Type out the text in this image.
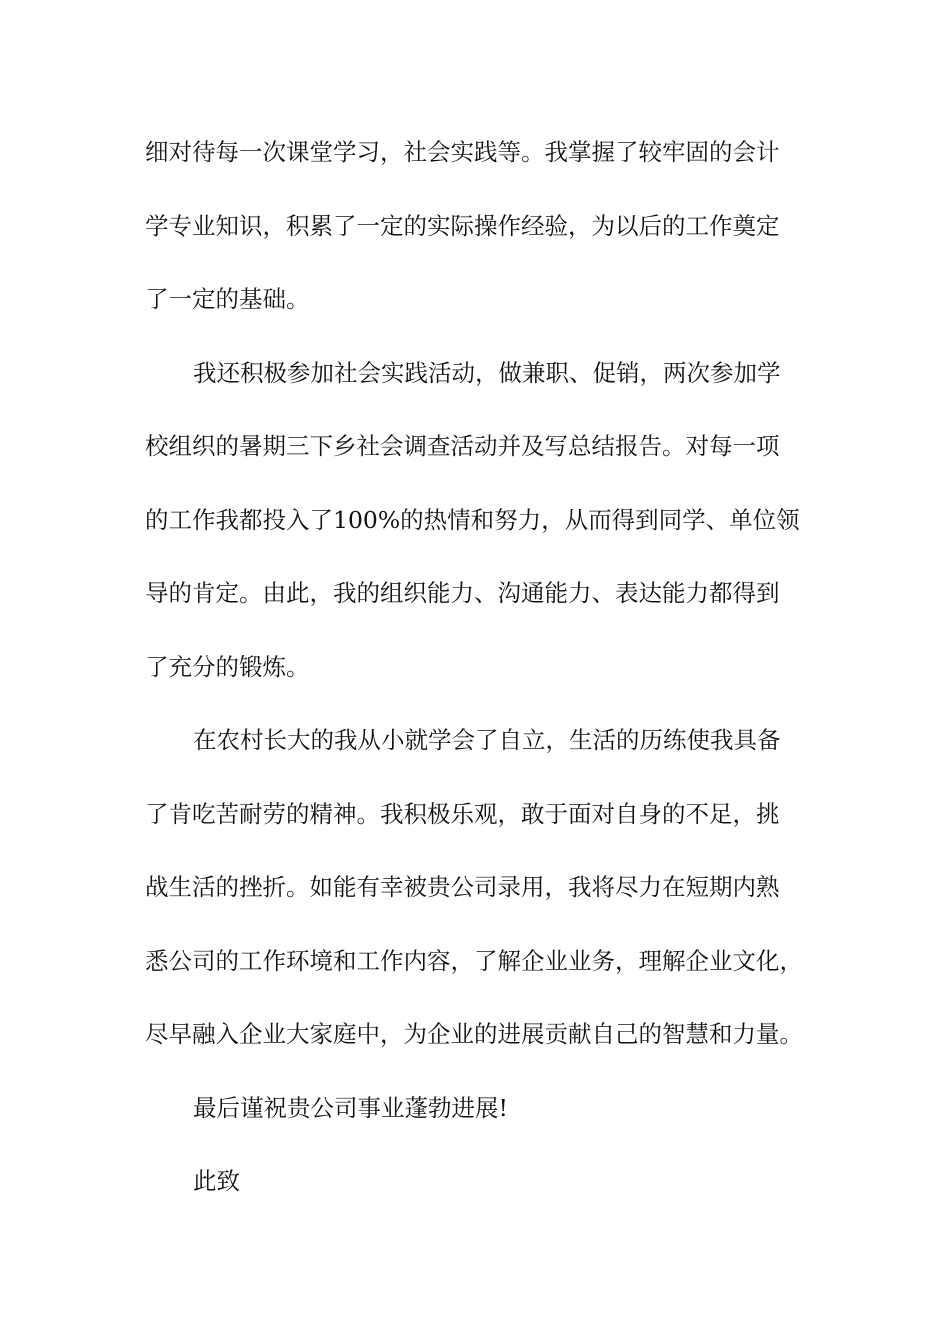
细对待每一次课堂学习，社会实践等。我掌握了较牢固的会计
学专业知识，积累了一定的实际操作经验，为以后的工作奠定
了一定的基础。
我还积极参加社会实践活动，做兼职、促销，两次参加学
校组织的暑期三下乡社会调查活动并及写总结报告。对每一项
的工作我都投入了100%的热情和努力，从而得到同学、单位领
导的肯定。由此，我的组织能力、沟通能力、表达能力都得到
了充分的锻炼。
在农村长大的我从小就学会了自立，生活的历练使我具备
了肯吃苦耐劳的精神。我积极乐观，敢于面对自身的不足，挑
战生活的挫折。如能有幸被贵公司录用，我将尽力在短期内熟
悉公司的工作环境和工作内容，了解企业业务，理解企业文化，
尽早融入企业大家庭中，为企业的进展贡献自己的智慧和力量。
最后谨祝贵公司事业蓬勃进展!
此致
